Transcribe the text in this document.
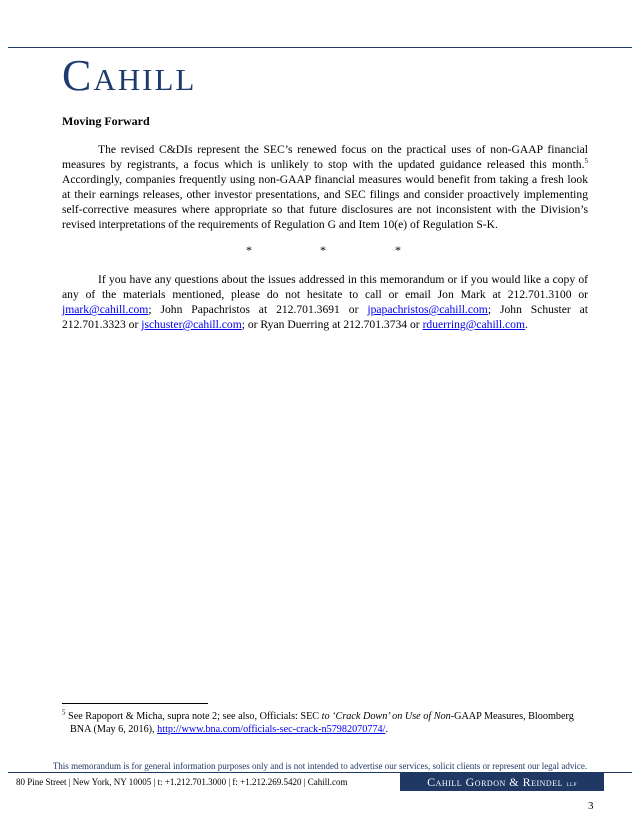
Cahill
Moving Forward
The revised C&DIs represent the SEC’s renewed focus on the practical uses of non-GAAP financial measures by registrants, a focus which is unlikely to stop with the updated guidance released this month.$^5$ Accordingly, companies frequently using non-GAAP financial measures would benefit from taking a fresh look at their earnings releases, other investor presentations, and SEC filings and consider proactively implementing self-corrective measures where appropriate so that future disclosures are not inconsistent with the Division’s revised interpretations of the requirements of Regulation G and Item 10(e) of Regulation S-K.
*	*	*
If you have any questions about the issues addressed in this memorandum or if you would like a copy of any of the materials mentioned, please do not hesitate to call or email Jon Mark at 212.701.3100 or jmark@cahill.com; John Papachristos at 212.701.3691 or jpapachristos@cahill.com; John Schuster at 212.701.3323 or jschuster@cahill.com; or Ryan Duerring at 212.701.3734 or rduerring@cahill.com.
$^5$ See Rapoport & Micha, supra note 2; see also, Officials: SEC to ‘Crack Down’ on Use of Non-GAAP Measures, Bloomberg BNA (May 6, 2016), http://www.bna.com/officials-sec-crack-n57982070774/.
This memorandum is for general information purposes only and is not intended to advertise our services, solicit clients or represent our legal advice.
80 Pine Street | New York, NY 10005 | t: +1.212.701.3000 | f: +1.212.269.5420 | Cahill.com	Cahill Gordon & Reindel llp
3
